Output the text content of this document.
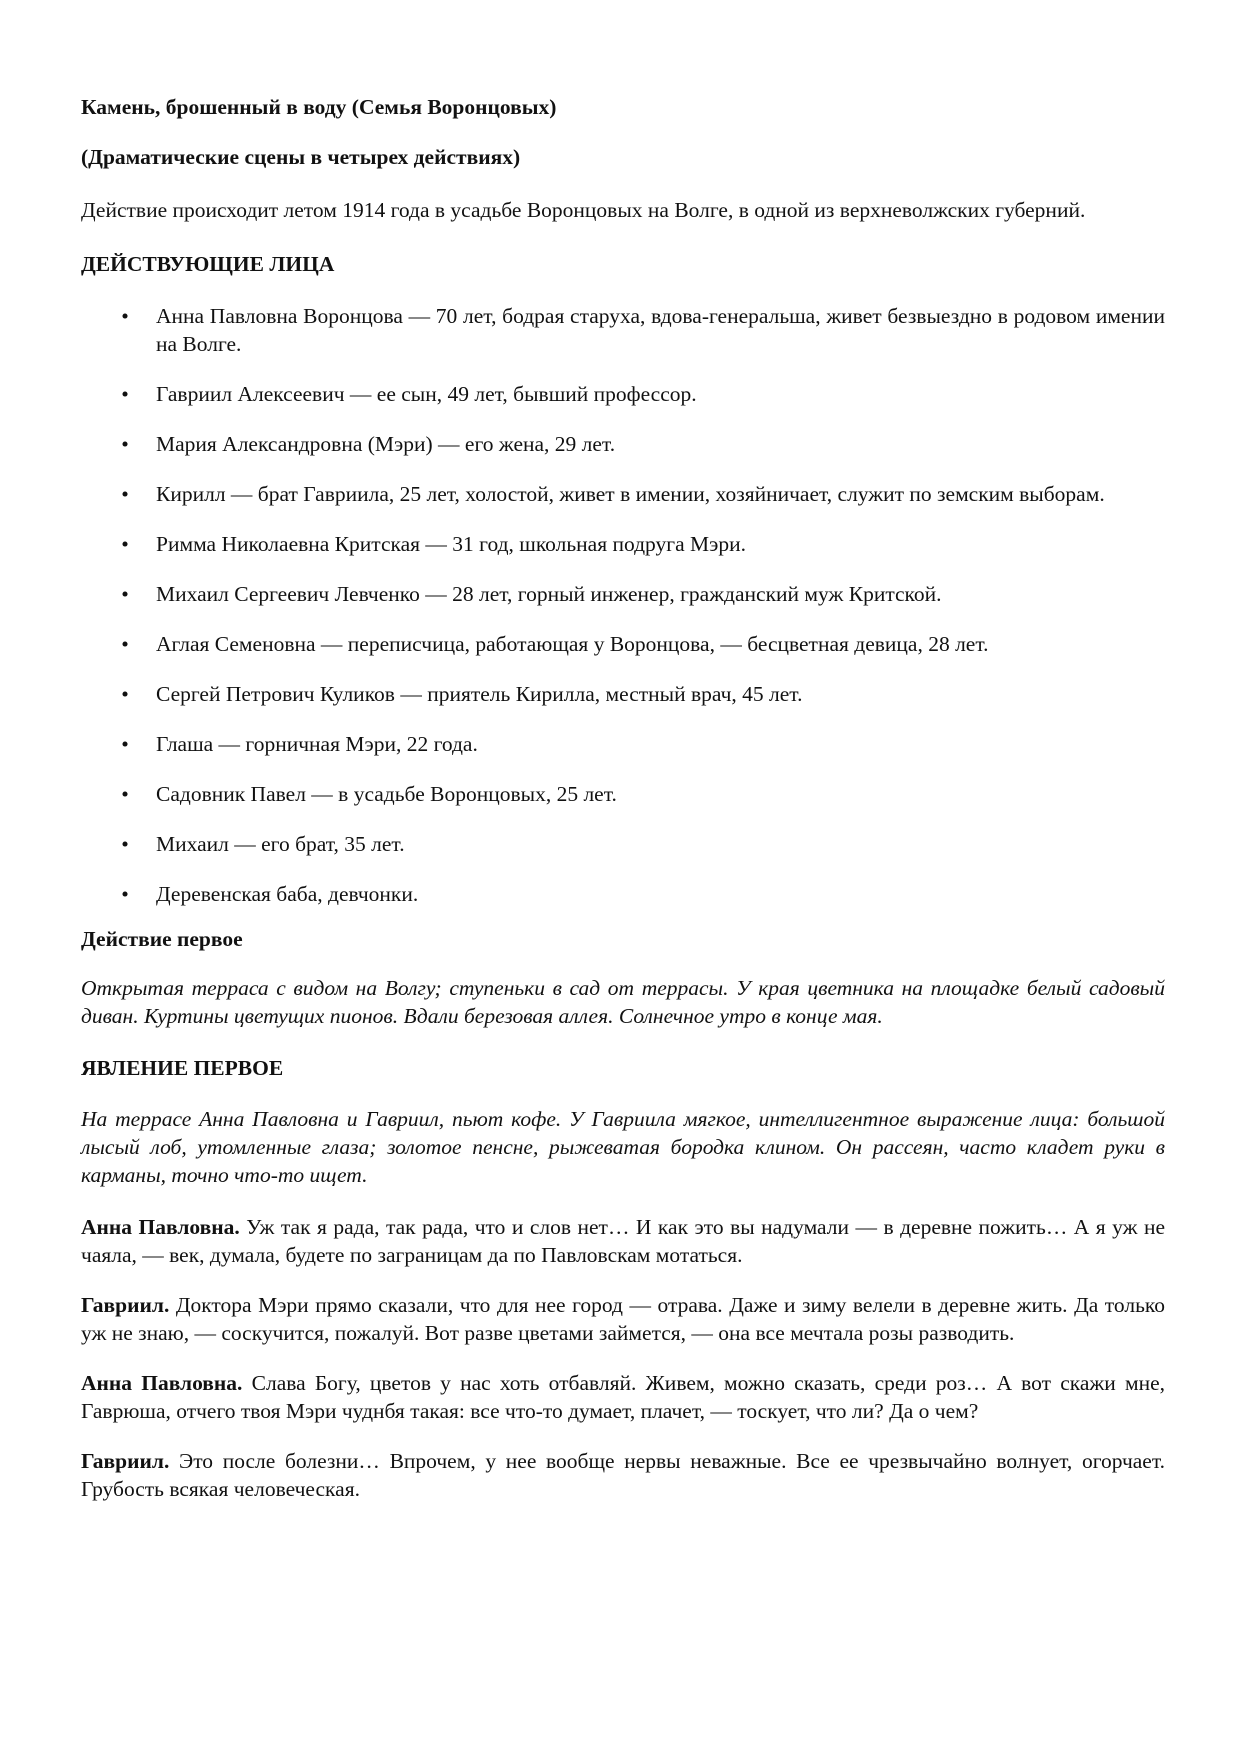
Камень, брошенный в воду (Семья Воронцовых)

(Драматические сцены в четырех действиях)

Действие происходит летом 1914 года в усадьбе Воронцовых на Волге, в одной из верхневолжских губерний.

ДЕЙСТВУЮЩИЕ ЛИЦА

• Анна Павловна Воронцова — 70 лет, бодрая старуха, вдова-генеральша, живет безвыездно в родовом имении на Волге.
• Гавриил Алексеевич — ее сын, 49 лет, бывший профессор.
• Мария Александровна (Мэри) — его жена, 29 лет.
• Кирилл — брат Гавриила, 25 лет, холостой, живет в имении, хозяйничает, служит по земским выборам.
• Римма Николаевна Критская — 31 год, школьная подруга Мэри.
• Михаил Сергеевич Левченко — 28 лет, горный инженер, гражданский муж Критской.
• Аглая Семеновна — переписчица, работающая у Воронцова, — бесцветная девица, 28 лет.
• Сергей Петрович Куликов — приятель Кирилла, местный врач, 45 лет.
• Глаша — горничная Мэри, 22 года.
• Садовник Павел — в усадьбе Воронцовых, 25 лет.
• Михаил — его брат, 35 лет.
• Деревенская баба, девчонки.

Действие первое

Открытая терраса с видом на Волгу; ступеньки в сад от террасы. У края цветника на площадке белый садовый диван. Куртины цветущих пионов. Вдали березовая аллея. Солнечное утро в конце мая.

ЯВЛЕНИЕ ПЕРВОЕ

На террасе Анна Павловна и Гавриил, пьют кофе. У Гавриила мягкое, интеллигентное выражение лица: большой лысый лоб, утомленные глаза; золотое пенсне, рыжеватая бородка клином. Он рассеян, часто кладет руки в карманы, точно что-то ищет.

Анна Павловна. Уж так я рада, так рада, что и слов нет… И как это вы надумали — в деревне пожить… А я уж не чаяла, — век, думала, будете по заграницам да по Павловскам мотаться.

Гавриил. Доктора Мэри прямо сказали, что для нее город — отрава. Даже и зиму велели в деревне жить. Да только уж не знаю, — соскучится, пожалуй. Вот разве цветами займется, — она все мечтала розы разводить.

Анна Павловна. Слава Богу, цветов у нас хоть отбавляй. Живем, можно сказать, среди роз… А вот скажи мне, Гаврюша, отчего твоя Мэри чуднбя такая: все что-то думает, плачет, — тоскует, что ли? Да о чем?

Гавриил. Это после болезни… Впрочем, у нее вообще нервы неважные. Все ее чрезвычайно волнует, огорчает. Грубость всякая человеческая.
